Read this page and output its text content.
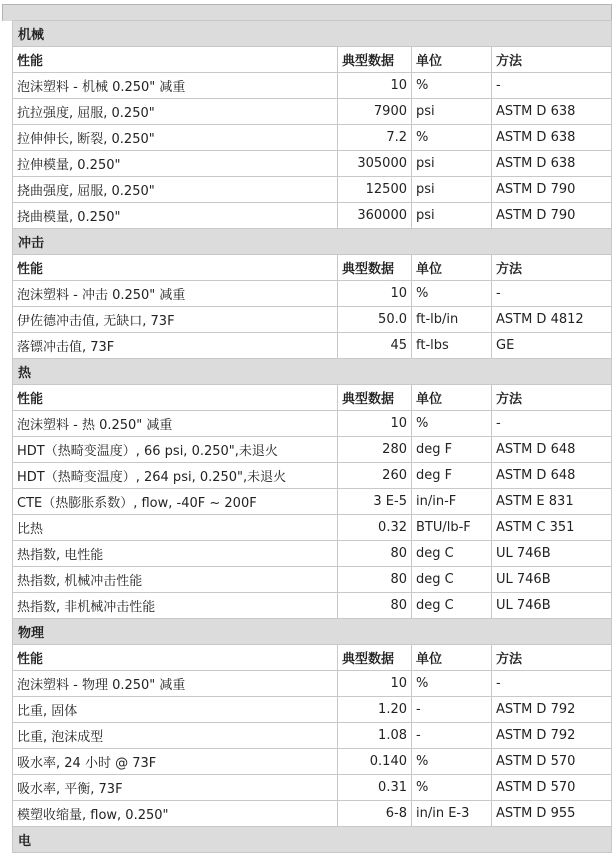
机械			
性能	典型数据	单位	方法
泡沫塑料 - 机械 0.250" 减重	10	%	-
抗拉强度, 屈服, 0.250"	7900	psi	ASTM D 638
拉伸伸长, 断裂, 0.250"	7.2	%	ASTM D 638
拉伸模量, 0.250"	305000	psi	ASTM D 638
挠曲强度, 屈服, 0.250"	12500	psi	ASTM D 790
挠曲模量, 0.250"	360000	psi	ASTM D 790
冲击			
性能	典型数据	单位	方法
泡沫塑料 - 冲击 0.250" 减重	10	%	-
伊佐德冲击值, 无缺口, 73F	50.0	ft-lb/in	ASTM D 4812
落镖冲击值, 73F	45	ft-lbs	GE
热			
性能	典型数据	单位	方法
泡沫塑料 - 热 0.250" 减重	10	%	-
HDT（热畸变温度）, 66 psi, 0.250",未退火	280	deg F	ASTM D 648
HDT（热畸变温度）, 264 psi, 0.250",未退火	260	deg F	ASTM D 648
CTE（热膨胀系数）, flow, -40F ~ 200F	3 E-5	in/in-F	ASTM E 831
比热	0.32	BTU/lb-F	ASTM C 351
热指数, 电性能	80	deg C	UL 746B
热指数, 机械冲击性能	80	deg C	UL 746B
热指数, 非机械冲击性能	80	deg C	UL 746B
物理			
性能	典型数据	单位	方法
泡沫塑料 - 物理 0.250" 减重	10	%	-
比重, 固体	1.20	-	ASTM D 792
比重, 泡沫成型	1.08	-	ASTM D 792
吸水率, 24 小时 @ 73F	0.140	%	ASTM D 570
吸水率, 平衡, 73F	0.31	%	ASTM D 570
模塑收缩量, flow, 0.250"	6-8	in/in E-3	ASTM D 955
电			
